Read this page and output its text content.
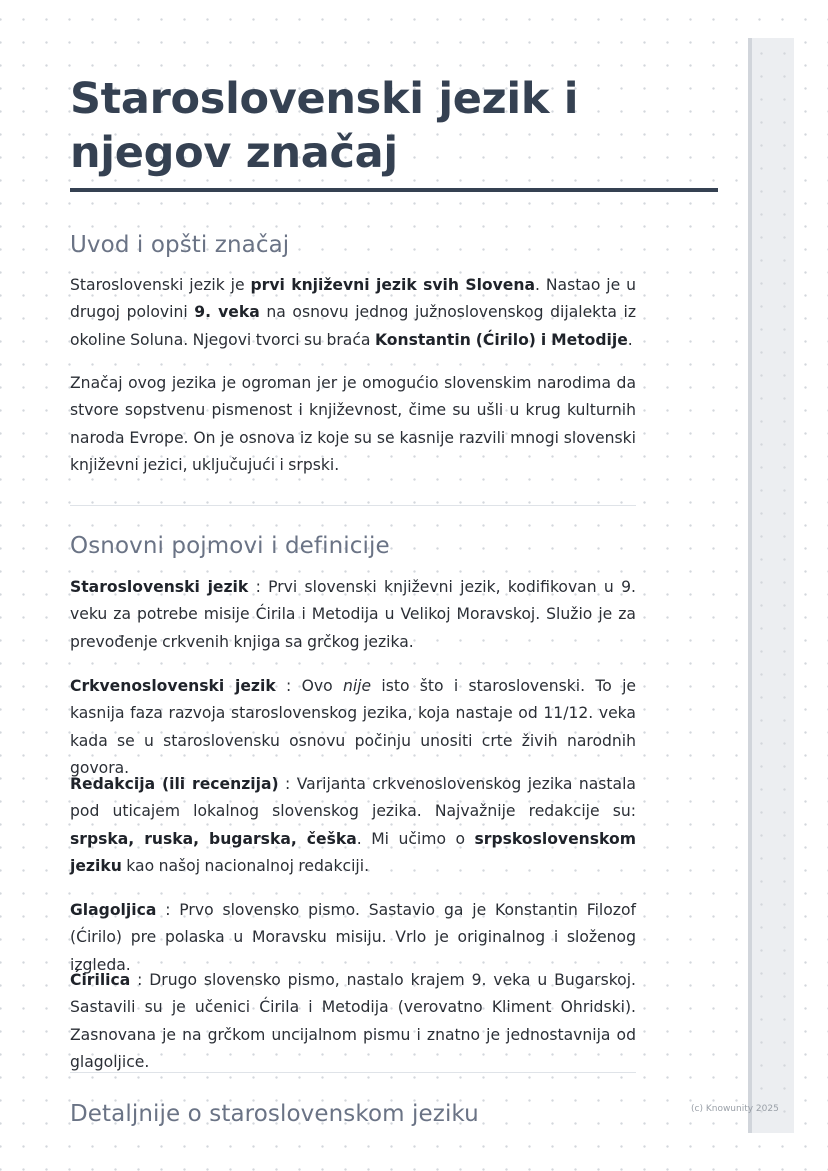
Staroslovenski jezik i njegov značaj
Uvod i opšti značaj

Staroslovenski jezik je prvi književni jezik svih Slovena. Nastao je u drugoj polovini 9. veka na osnovu jednog južnoslovenskog dijalekta iz okoline Soluna. Njegovi tvorci su braća Konstantin (Ćirilo) i Metodije.

Značaj ovog jezika je ogroman jer je omogućio slovenskim narodima da stvore sopstvenu pismenost i književnost, čime su ušli u krug kulturnih naroda Evrope. On je osnova iz koje su se kasnije razvili mnogi slovenski književni jezici, uključujući i srpski.

Osnovni pojmovi i definicije

Staroslovenski jezik : Prvi slovenski književni jezik, kodifikovan u 9. veku za potrebe misije Ćirila i Metodija u Velikoj Moravskoj. Služio je za prevođenje crkvenih knjiga sa grčkog jezika.

Crkvenoslovenski jezik : Ovo nije isto što i staroslovenski. To je kasnija faza razvoja staroslovenskog jezika, koja nastaje od 11/12. veka kada se u staroslovensku osnovu počinju unositi crte živih narodnih govora.

Redakcija (ili recenzija) : Varijanta crkvenoslovenskog jezika nastala pod uticajem lokalnog slovenskog jezika. Najvažnije redakcije su: srpska, ruska, bugarska, češka. Mi učimo o srpskoslovenskom jeziku kao našoj nacionalnoj redakciji.

Glagoljica : Prvo slovensko pismo. Sastavio ga je Konstantin Filozof (Ćirilo) pre polaska u Moravsku misiju. Vrlo je originalnog i složenog izgleda.

Ćirilica : Drugo slovensko pismo, nastalo krajem 9. veka u Bugarskoj. Sastavili su je učenici Ćirila i Metodija (verovatno Kliment Ohridski). Zasnovana je na grčkom uncijalnom pismu i znatno je jednostavnija od glagoljice.

Detaljnije o staroslovenskom jeziku	(c) Knowunity 2025
